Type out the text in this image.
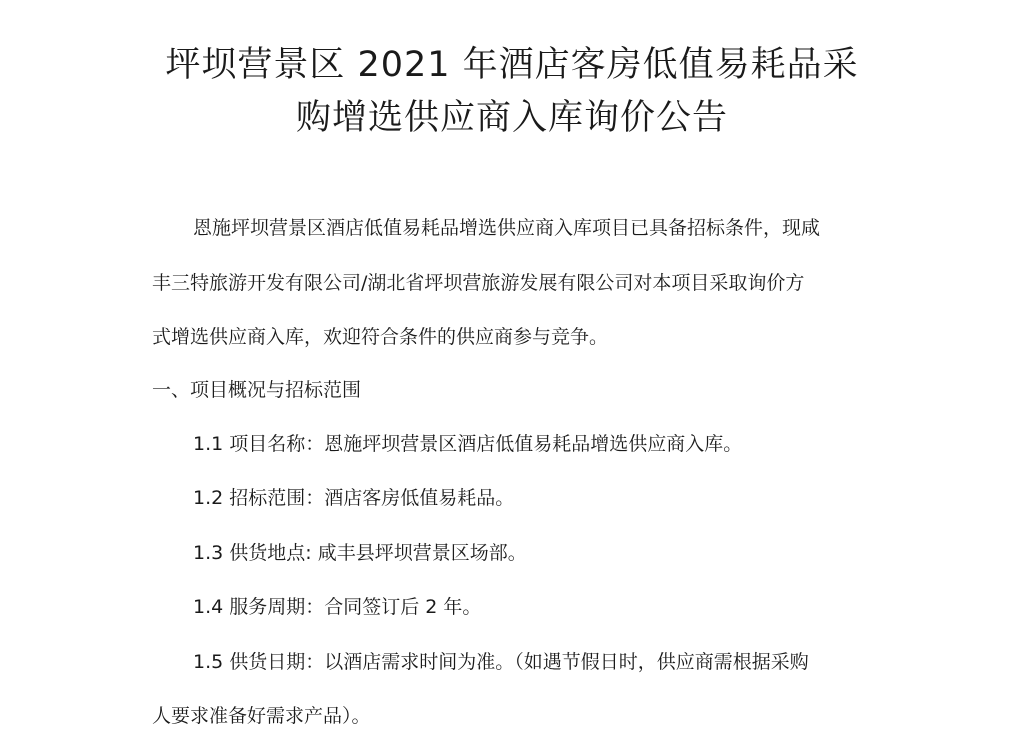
坪坝营景区 2021 年酒店客房低值易耗品采
购增选供应商入库询价公告
恩施坪坝营景区酒店低值易耗品增选供应商入库项目已具备招标条件，现咸
丰三特旅游开发有限公司/湖北省坪坝营旅游发展有限公司对本项目采取询价方
式增选供应商入库，欢迎符合条件的供应商参与竞争。
一、项目概况与招标范围
1.1 项目名称：恩施坪坝营景区酒店低值易耗品增选供应商入库。
1.2 招标范围：酒店客房低值易耗品。
1.3 供货地点: 咸丰县坪坝营景区场部。
1.4 服务周期：合同签订后 2 年。
1.5 供货日期：以酒店需求时间为准。（如遇节假日时，供应商需根据采购
人要求准备好需求产品）。
